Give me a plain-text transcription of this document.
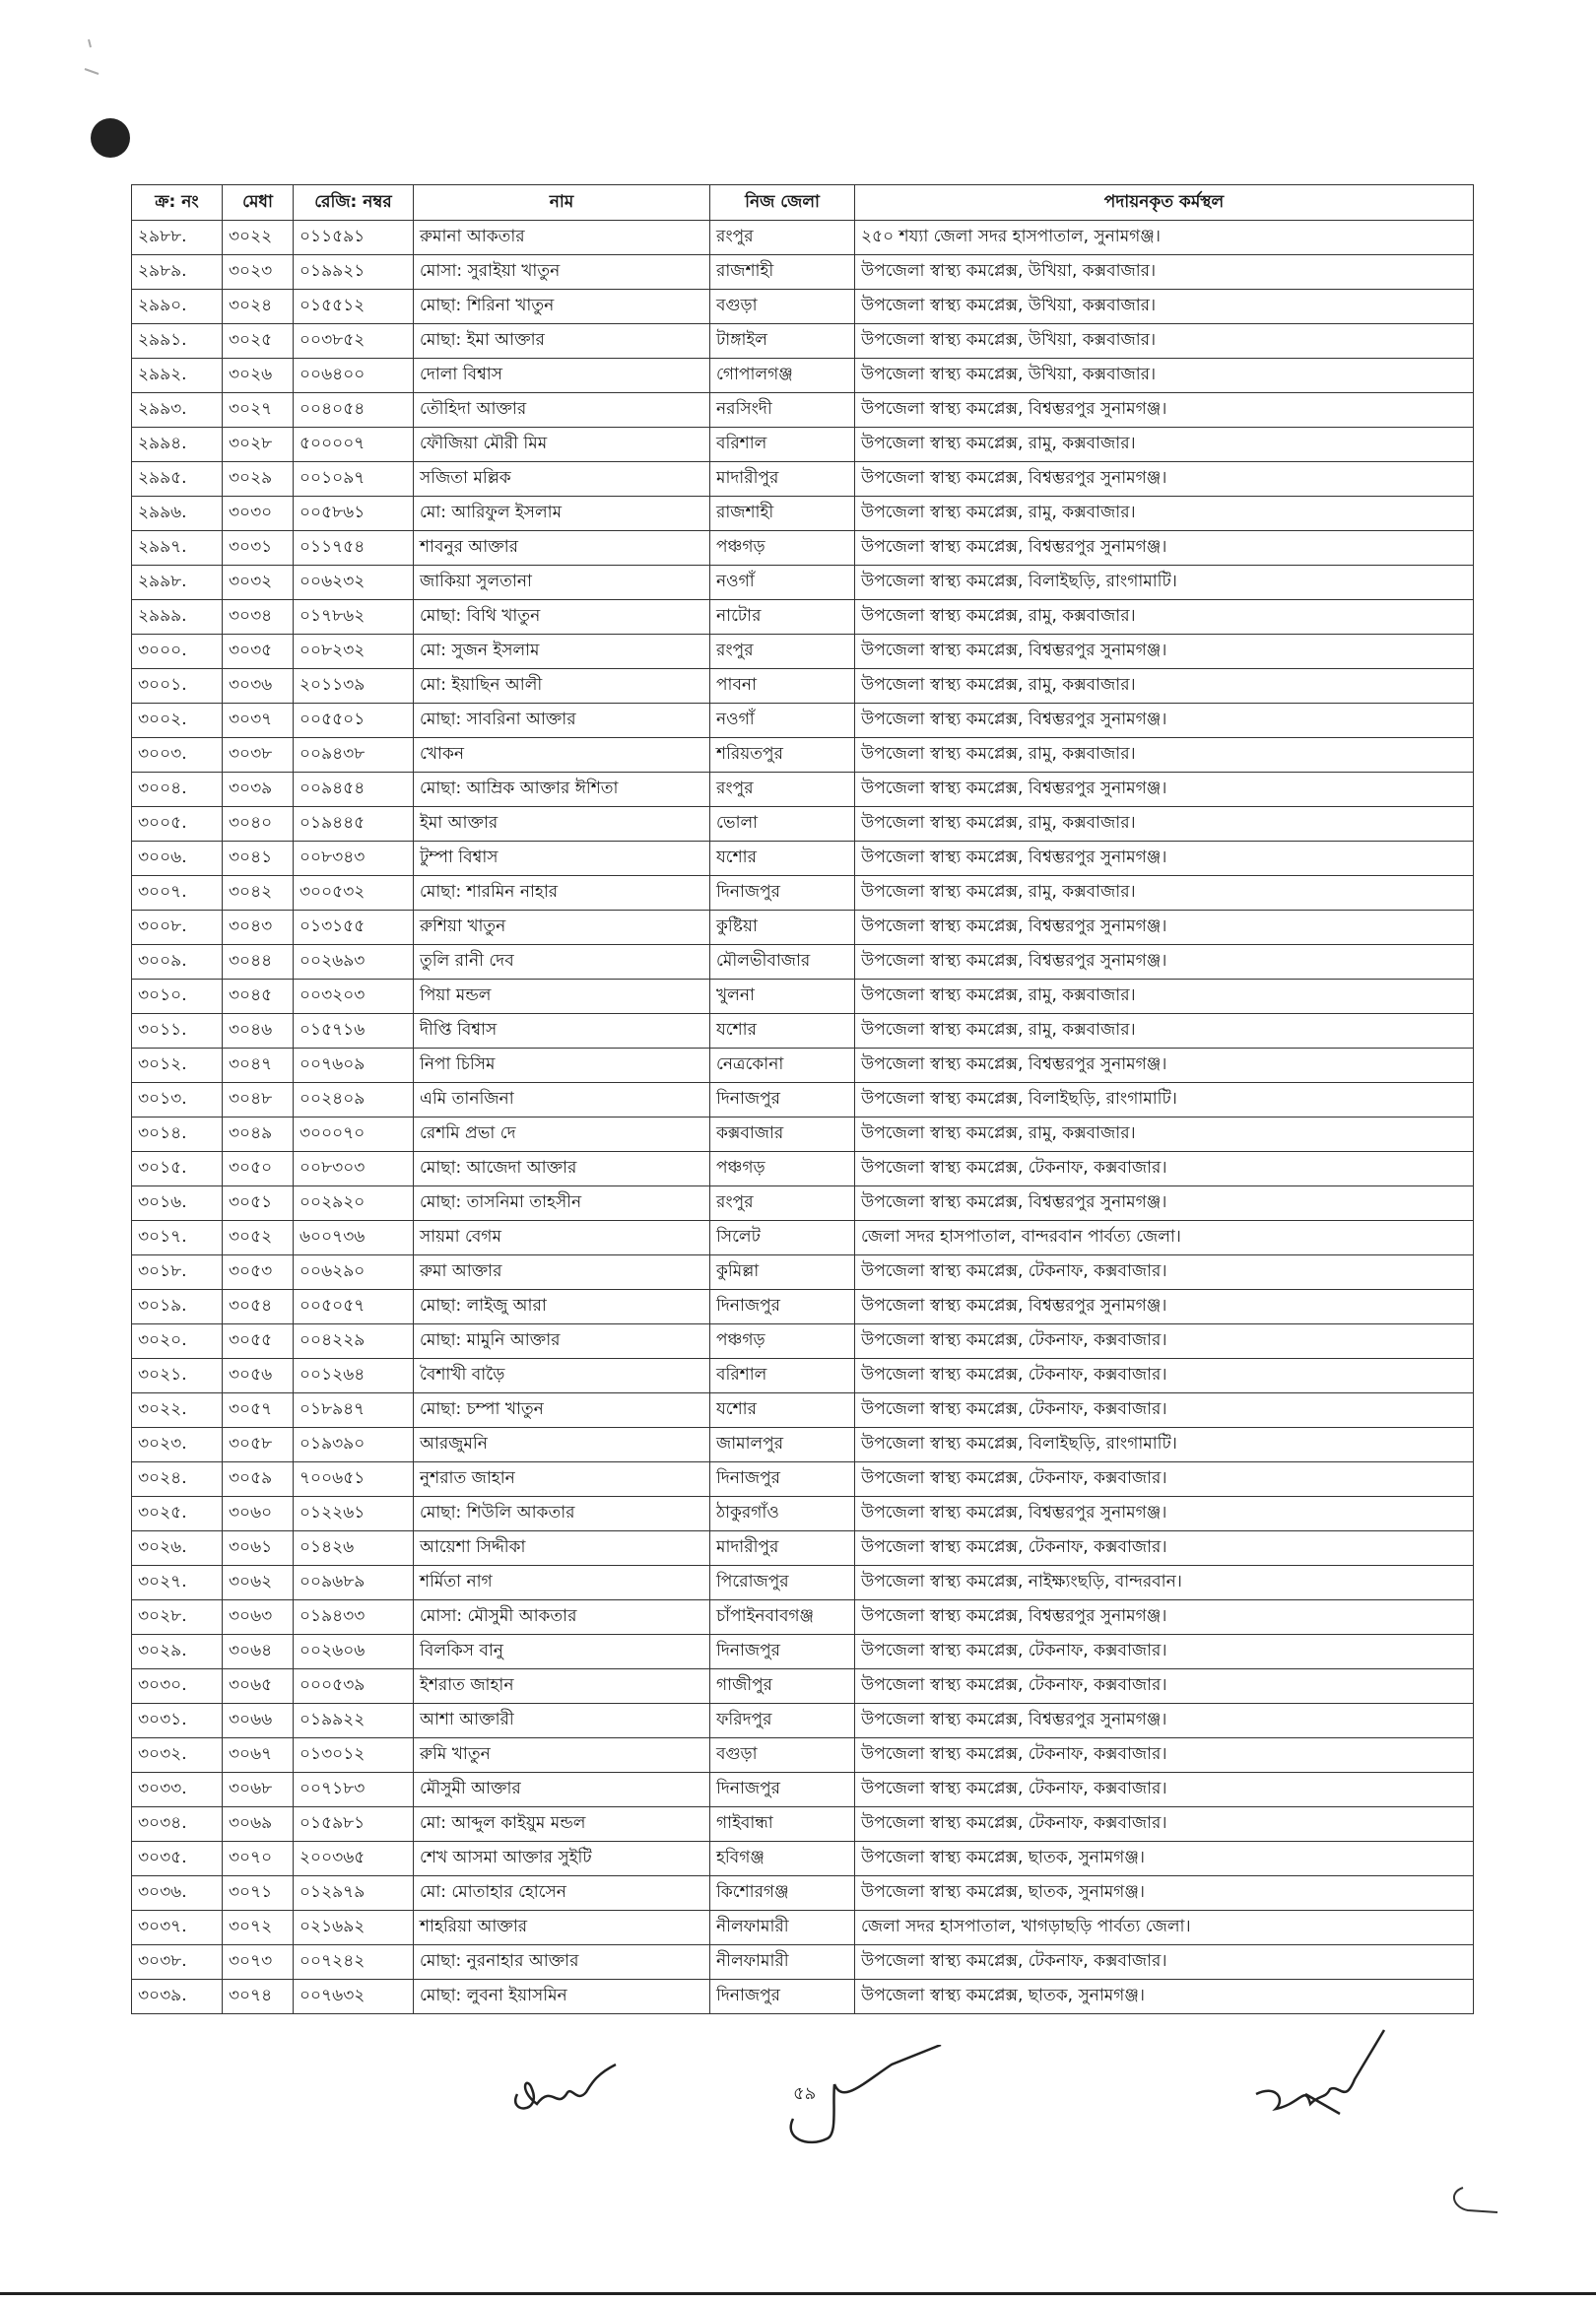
ক্র: নং	মেধা	রেজি: নম্বর	নাম	নিজ জেলা	পদায়নকৃত কর্মস্থল
২৯৮৮.	৩০২২	০১১৫৯১	রুমানা আকতার	রংপুর	২৫০ শয্যা জেলা সদর হাসপাতাল, সুনামগঞ্জ।
২৯৮৯.	৩০২৩	০১৯৯২১	মোসা: সুরাইয়া খাতুন	রাজশাহী	উপজেলা স্বাস্থ্য কমপ্লেক্স, উখিয়া, কক্সবাজার।
২৯৯০.	৩০২৪	০১৫৫১২	মোছা: শিরিনা খাতুন	বগুড়া	উপজেলা স্বাস্থ্য কমপ্লেক্স, উখিয়া, কক্সবাজার।
২৯৯১.	৩০২৫	০০৩৮৫২	মোছা: ইমা আক্তার	টাঙ্গাইল	উপজেলা স্বাস্থ্য কমপ্লেক্স, উখিয়া, কক্সবাজার।
২৯৯২.	৩০২৬	০০৬৪০০	দোলা বিশ্বাস	গোপালগঞ্জ	উপজেলা স্বাস্থ্য কমপ্লেক্স, উখিয়া, কক্সবাজার।
২৯৯৩.	৩০২৭	০০৪০৫৪	তৌহিদা আক্তার	নরসিংদী	উপজেলা স্বাস্থ্য কমপ্লেক্স, বিশ্বম্ভরপুর সুনামগঞ্জ।
২৯৯৪.	৩০২৮	৫০০০০৭	ফৌজিয়া মৌরী মিম	বরিশাল	উপজেলা স্বাস্থ্য কমপ্লেক্স, রামু, কক্সবাজার।
২৯৯৫.	৩০২৯	০০১০৯৭	সজিতা মল্লিক	মাদারীপুর	উপজেলা স্বাস্থ্য কমপ্লেক্স, বিশ্বম্ভরপুর সুনামগঞ্জ।
২৯৯৬.	৩০৩০	০০৫৮৬১	মো: আরিফুল ইসলাম	রাজশাহী	উপজেলা স্বাস্থ্য কমপ্লেক্স, রামু, কক্সবাজার।
২৯৯৭.	৩০৩১	০১১৭৫৪	শাবনুর আক্তার	পঞ্চগড়	উপজেলা স্বাস্থ্য কমপ্লেক্স, বিশ্বম্ভরপুর সুনামগঞ্জ।
২৯৯৮.	৩০৩২	০০৬২৩২	জাকিয়া সুলতানা	নওগাঁ	উপজেলা স্বাস্থ্য কমপ্লেক্স, বিলাইছড়ি, রাংগামাটি।
২৯৯৯.	৩০৩৪	০১৭৮৬২	মোছা: বিথি খাতুন	নাটোর	উপজেলা স্বাস্থ্য কমপ্লেক্স, রামু, কক্সবাজার।
৩০০০.	৩০৩৫	০০৮২৩২	মো: সুজন ইসলাম	রংপুর	উপজেলা স্বাস্থ্য কমপ্লেক্স, বিশ্বম্ভরপুর সুনামগঞ্জ।
৩০০১.	৩০৩৬	২০১১৩৯	মো: ইয়াছিন আলী	পাবনা	উপজেলা স্বাস্থ্য কমপ্লেক্স, রামু, কক্সবাজার।
৩০০২.	৩০৩৭	০০৫৫০১	মোছা: সাবরিনা আক্তার	নওগাঁ	উপজেলা স্বাস্থ্য কমপ্লেক্স, বিশ্বম্ভরপুর সুনামগঞ্জ।
৩০০৩.	৩০৩৮	০০৯৪৩৮	খোকন	শরিয়তপুর	উপজেলা স্বাস্থ্য কমপ্লেক্স, রামু, কক্সবাজার।
৩০০৪.	৩০৩৯	০০৯৪৫৪	মোছা: আম্রিক আক্তার ঈশিতা	রংপুর	উপজেলা স্বাস্থ্য কমপ্লেক্স, বিশ্বম্ভরপুর সুনামগঞ্জ।
৩০০৫.	৩০৪০	০১৯৪৪৫	ইমা আক্তার	ভোলা	উপজেলা স্বাস্থ্য কমপ্লেক্স, রামু, কক্সবাজার।
৩০০৬.	৩০৪১	০০৮৩৪৩	টুম্পা বিশ্বাস	যশোর	উপজেলা স্বাস্থ্য কমপ্লেক্স, বিশ্বম্ভরপুর সুনামগঞ্জ।
৩০০৭.	৩০৪২	৩০০৫৩২	মোছা: শারমিন নাহার	দিনাজপুর	উপজেলা স্বাস্থ্য কমপ্লেক্স, রামু, কক্সবাজার।
৩০০৮.	৩০৪৩	০১৩১৫৫	রুশিয়া খাতুন	কুষ্টিয়া	উপজেলা স্বাস্থ্য কমপ্লেক্স, বিশ্বম্ভরপুর সুনামগঞ্জ।
৩০০৯.	৩০৪৪	০০২৬৯৩	তুলি রানী দেব	মৌলভীবাজার	উপজেলা স্বাস্থ্য কমপ্লেক্স, বিশ্বম্ভরপুর সুনামগঞ্জ।
৩০১০.	৩০৪৫	০০৩২০৩	পিয়া মন্ডল	খুলনা	উপজেলা স্বাস্থ্য কমপ্লেক্স, রামু, কক্সবাজার।
৩০১১.	৩০৪৬	০১৫৭১৬	দীপ্তি বিশ্বাস	যশোর	উপজেলা স্বাস্থ্য কমপ্লেক্স, রামু, কক্সবাজার।
৩০১২.	৩০৪৭	০০৭৬০৯	নিপা চিসিম	নেত্রকোনা	উপজেলা স্বাস্থ্য কমপ্লেক্স, বিশ্বম্ভরপুর সুনামগঞ্জ।
৩০১৩.	৩০৪৮	০০২৪০৯	এমি তানজিনা	দিনাজপুর	উপজেলা স্বাস্থ্য কমপ্লেক্স, বিলাইছড়ি, রাংগামাটি।
৩০১৪.	৩০৪৯	৩০০০৭০	রেশমি প্রভা দে	কক্সবাজার	উপজেলা স্বাস্থ্য কমপ্লেক্স, রামু, কক্সবাজার।
৩০১৫.	৩০৫০	০০৮৩০৩	মোছা: আজেদা আক্তার	পঞ্চগড়	উপজেলা স্বাস্থ্য কমপ্লেক্স, টেকনাফ, কক্সবাজার।
৩০১৬.	৩০৫১	০০২৯২০	মোছা: তাসনিমা তাহসীন	রংপুর	উপজেলা স্বাস্থ্য কমপ্লেক্স, বিশ্বম্ভরপুর সুনামগঞ্জ।
৩০১৭.	৩০৫২	৬০০৭৩৬	সায়মা বেগম	সিলেট	জেলা সদর হাসপাতাল, বান্দরবান পার্বত্য জেলা।
৩০১৮.	৩০৫৩	০০৬২৯০	রুমা আক্তার	কুমিল্লা	উপজেলা স্বাস্থ্য কমপ্লেক্স, টেকনাফ, কক্সবাজার।
৩০১৯.	৩০৫৪	০০৫০৫৭	মোছা: লাইজু আরা	দিনাজপুর	উপজেলা স্বাস্থ্য কমপ্লেক্স, বিশ্বম্ভরপুর সুনামগঞ্জ।
৩০২০.	৩০৫৫	০০৪২২৯	মোছা: মামুনি আক্তার	পঞ্চগড়	উপজেলা স্বাস্থ্য কমপ্লেক্স, টেকনাফ, কক্সবাজার।
৩০২১.	৩০৫৬	০০১২৬৪	বৈশাখী বাড়ৈ	বরিশাল	উপজেলা স্বাস্থ্য কমপ্লেক্স, টেকনাফ, কক্সবাজার।
৩০২২.	৩০৫৭	০১৮৯৪৭	মোছা: চম্পা খাতুন	যশোর	উপজেলা স্বাস্থ্য কমপ্লেক্স, টেকনাফ, কক্সবাজার।
৩০২৩.	৩০৫৮	০১৯৩৯০	আরজুমনি	জামালপুর	উপজেলা স্বাস্থ্য কমপ্লেক্স, বিলাইছড়ি, রাংগামাটি।
৩০২৪.	৩০৫৯	৭০০৬৫১	নুশরাত জাহান	দিনাজপুর	উপজেলা স্বাস্থ্য কমপ্লেক্স, টেকনাফ, কক্সবাজার।
৩০২৫.	৩০৬০	০১২২৬১	মোছা: শিউলি আকতার	ঠাকুরগাঁও	উপজেলা স্বাস্থ্য কমপ্লেক্স, বিশ্বম্ভরপুর সুনামগঞ্জ।
৩০২৬.	৩০৬১	০১৪২৬	আয়েশা সিদ্দীকা	মাদারীপুর	উপজেলা স্বাস্থ্য কমপ্লেক্স, টেকনাফ, কক্সবাজার।
৩০২৭.	৩০৬২	০০৯৬৮৯	শর্মিতা নাগ	পিরোজপুর	উপজেলা স্বাস্থ্য কমপ্লেক্স, নাইক্ষ্যংছড়ি, বান্দরবান।
৩০২৮.	৩০৬৩	০১৯৪৩৩	মোসা: মৌসুমী আকতার	চাঁপাইনবাবগঞ্জ	উপজেলা স্বাস্থ্য কমপ্লেক্স, বিশ্বম্ভরপুর সুনামগঞ্জ।
৩০২৯.	৩০৬৪	০০২৬০৬	বিলকিস বানু	দিনাজপুর	উপজেলা স্বাস্থ্য কমপ্লেক্স, টেকনাফ, কক্সবাজার।
৩০৩০.	৩০৬৫	০০০৫৩৯	ইশরাত জাহান	গাজীপুর	উপজেলা স্বাস্থ্য কমপ্লেক্স, টেকনাফ, কক্সবাজার।
৩০৩১.	৩০৬৬	০১৯৯২২	আশা আক্তারী	ফরিদপুর	উপজেলা স্বাস্থ্য কমপ্লেক্স, বিশ্বম্ভরপুর সুনামগঞ্জ।
৩০৩২.	৩০৬৭	০১৩০১২	রুমি খাতুন	বগুড়া	উপজেলা স্বাস্থ্য কমপ্লেক্স, টেকনাফ, কক্সবাজার।
৩০৩৩.	৩০৬৮	০০৭১৮৩	মৌসুমী আক্তার	দিনাজপুর	উপজেলা স্বাস্থ্য কমপ্লেক্স, টেকনাফ, কক্সবাজার।
৩০৩৪.	৩০৬৯	০১৫৯৮১	মো: আব্দুল কাইয়ুম মন্ডল	গাইবান্ধা	উপজেলা স্বাস্থ্য কমপ্লেক্স, টেকনাফ, কক্সবাজার।
৩০৩৫.	৩০৭০	২০০৩৬৫	শেখ আসমা আক্তার সুইটি	হবিগঞ্জ	উপজেলা স্বাস্থ্য কমপ্লেক্স, ছাতক, সুনামগঞ্জ।
৩০৩৬.	৩০৭১	০১২৯৭৯	মো: মোতাহার হোসেন	কিশোরগঞ্জ	উপজেলা স্বাস্থ্য কমপ্লেক্স, ছাতক, সুনামগঞ্জ।
৩০৩৭.	৩০৭২	০২১৬৯২	শাহরিয়া আক্তার	নীলফামারী	জেলা সদর হাসপাতাল, খাগড়াছড়ি পার্বত্য জেলা।
৩০৩৮.	৩০৭৩	০০৭২৪২	মোছা: নুরনাহার আক্তার	নীলফামারী	উপজেলা স্বাস্থ্য কমপ্লেক্স, টেকনাফ, কক্সবাজার।
৩০৩৯.	৩০৭৪	০০৭৬৩২	মোছা: লুবনা ইয়াসমিন	দিনাজপুর	উপজেলা স্বাস্থ্য কমপ্লেক্স, ছাতক, সুনামগঞ্জ।
৫৯
